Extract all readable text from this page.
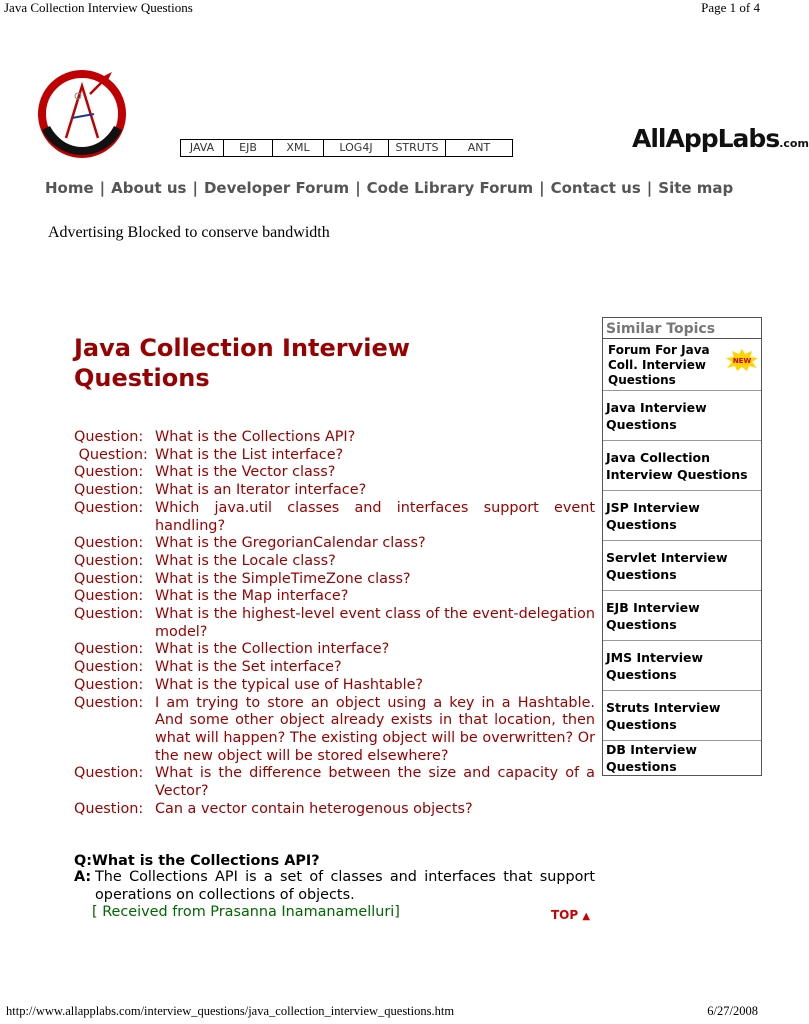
Java Collection Interview Questions	Page 1 of 4
JAVA	EJB	XML	LOG4J	STRUTS	ANT	AllAppLabs.com
Home | About us | Developer Forum | Code Library Forum | Contact us | Site map
Advertising Blocked to conserve bandwidth
Java Collection Interview Questions
Question: What is the Collections API?
Question: What is the List interface?
Question: What is the Vector class?
Question: What is an Iterator interface?
Question: Which java.util classes and interfaces support event handling?
Question: What is the GregorianCalendar class?
Question: What is the Locale class?
Question: What is the SimpleTimeZone class?
Question: What is the Map interface?
Question: What is the highest-level event class of the event-delegation model?
Question: What is the Collection interface?
Question: What is the Set interface?
Question: What is the typical use of Hashtable?
Question: I am trying to store an object using a key in a Hashtable. And some other object already exists in that location, then what will happen? The existing object will be overwritten? Or the new object will be stored elsewhere?
Question: What is the difference between the size and capacity of a Vector?
Question: Can a vector contain heterogenous objects?
Q:What is the Collections API?
A: The Collections API is a set of classes and interfaces that support operations on collections of objects.
[ Received from Prasanna Inamanamelluri]	TOP ▲
Similar Topics
Forum For Java Coll. Interview Questions
NEW
Java Interview Questions
Java Collection Interview Questions
JSP Interview Questions
Servlet Interview Questions
EJB Interview Questions
JMS Interview Questions
Struts Interview Questions
DB Interview Questions
http://www.allapplabs.com/interview_questions/java_collection_interview_questions.htm	6/27/2008
